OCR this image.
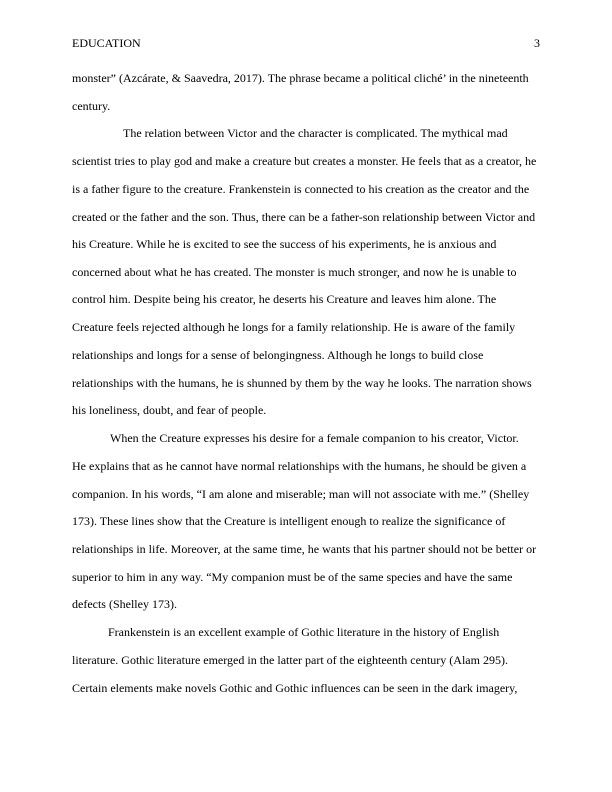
EDUCATION	3
monster” (Azcárate, & Saavedra, 2017). The phrase became a political cliché’ in the nineteenth
century.
The relation between Victor and the character is complicated. The mythical mad
scientist tries to play god and make a creature but creates a monster. He feels that as a creator, he
is a father figure to the creature. Frankenstein is connected to his creation as the creator and the
created or the father and the son. Thus, there can be a father-son relationship between Victor and
his Creature. While he is excited to see the success of his experiments, he is anxious and
concerned about what he has created. The monster is much stronger, and now he is unable to
control him. Despite being his creator, he deserts his Creature and leaves him alone. The
Creature feels rejected although he longs for a family relationship. He is aware of the family
relationships and longs for a sense of belongingness. Although he longs to build close
relationships with the humans, he is shunned by them by the way he looks. The narration shows
his loneliness, doubt, and fear of people.
When the Creature expresses his desire for a female companion to his creator, Victor.
He explains that as he cannot have normal relationships with the humans, he should be given a
companion. In his words, “I am alone and miserable; man will not associate with me.” (Shelley
173). These lines show that the Creature is intelligent enough to realize the significance of
relationships in life. Moreover, at the same time, he wants that his partner should not be better or
superior to him in any way. “My companion must be of the same species and have the same
defects (Shelley 173).
Frankenstein is an excellent example of Gothic literature in the history of English
literature. Gothic literature emerged in the latter part of the eighteenth century (Alam 295).
Certain elements make novels Gothic and Gothic influences can be seen in the dark imagery,
